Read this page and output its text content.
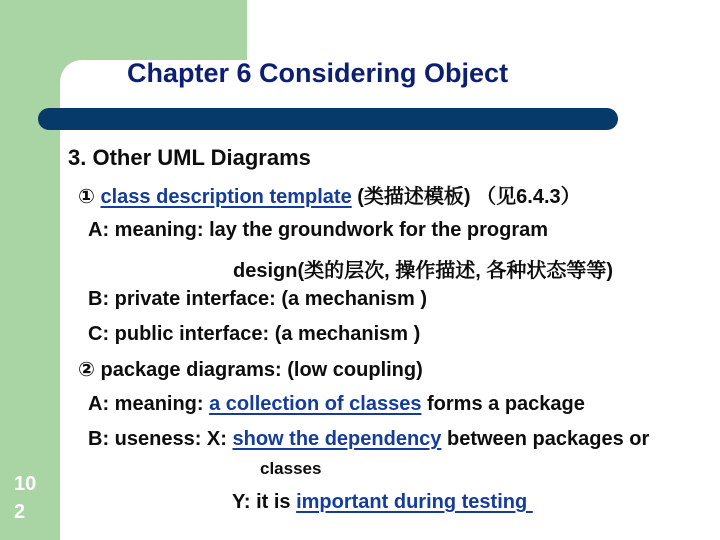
Chapter 6 Considering Object
3. Other UML Diagrams
① class description template (类描述模板) （见6.4.3）
A: meaning: lay the groundwork for the program
design(类的层次, 操作描述, 各种状态等等)
B: private interface: (a mechanism )
C: public interface: (a mechanism )
② package diagrams: (low coupling)
A: meaning: a collection of classes forms a package
B: useness: X: show the dependency between packages or
classes
Y: it is important during testing
10
2
